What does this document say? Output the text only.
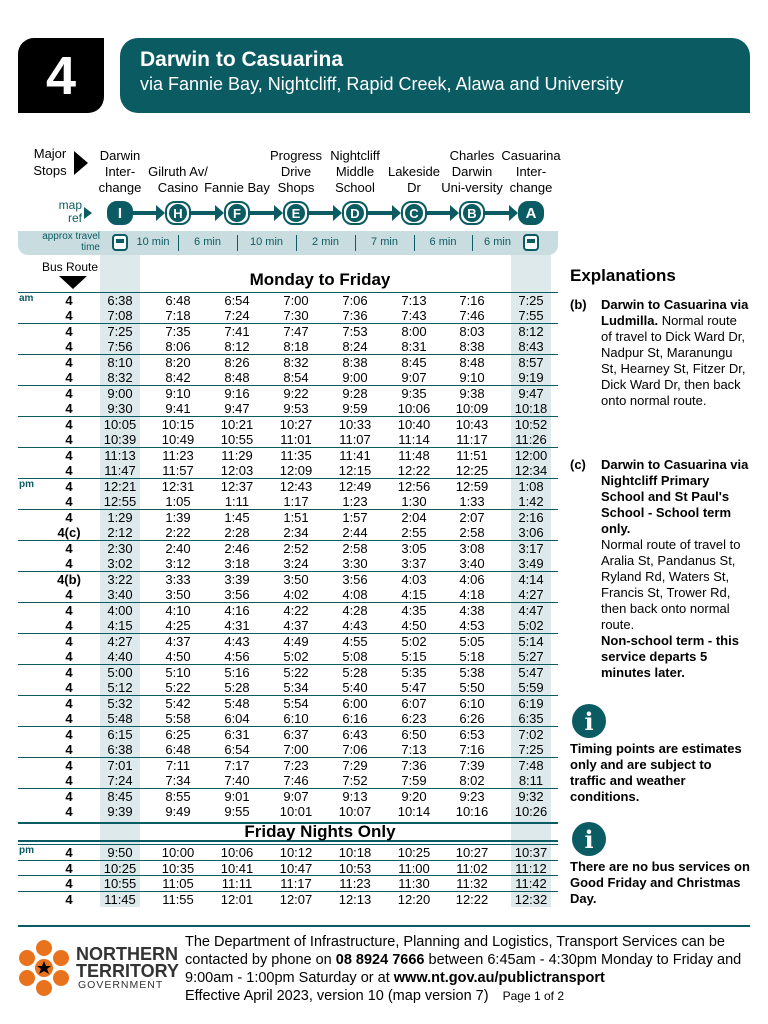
4	Darwin to Casuarina
via Fannie Bay, Nightcliff, Rapid Creek, Alawa and University
Major Stops
Darwin Inter-change
Gilruth Av/ Casino Fannie Bay
Progress Drive Shops
Nightcliff Middle School
Lakeside Dr
Charles Darwin Uni-versity
Casuarina Inter-change
map ref	I	H	F	E	D	C	B	A
approx travel time	10 min	6 min	10 min	2 min	7 min	6 min	6 min
Bus Route
Monday to Friday
4	6:38	6:48	6:54	7:00	7:06	7:13	7:16	7:25
4	7:08	7:18	7:24	7:30	7:36	7:43	7:46	7:55
4	7:25	7:35	7:41	7:47	7:53	8:00	8:03	8:12
4	7:56	8:06	8:12	8:18	8:24	8:31	8:38	8:43
4	8:10	8:20	8:26	8:32	8:38	8:45	8:48	8:57
4	8:32	8:42	8:48	8:54	9:00	9:07	9:10	9:19
4	9:00	9:10	9:16	9:22	9:28	9:35	9:38	9:47
4	9:30	9:41	9:47	9:53	9:59	10:06	10:09	10:18
4	10:05	10:15	10:21	10:27	10:33	10:40	10:43	10:52
4	10:39	10:49	10:55	11:01	11:07	11:14	11:17	11:26
4	11:13	11:23	11:29	11:35	11:41	11:48	11:51	12:00
4	11:47	11:57	12:03	12:09	12:15	12:22	12:25	12:34
4	12:21	12:31	12:37	12:43	12:49	12:56	12:59	1:08
4	12:55	1:05	1:11	1:17	1:23	1:30	1:33	1:42
4	1:29	1:39	1:45	1:51	1:57	2:04	2:07	2:16
4(c)	2:12	2:22	2:28	2:34	2:44	2:55	2:58	3:06
4	2:30	2:40	2:46	2:52	2:58	3:05	3:08	3:17
4	3:02	3:12	3:18	3:24	3:30	3:37	3:40	3:49
4(b)	3:22	3:33	3:39	3:50	3:56	4:03	4:06	4:14
4	3:40	3:50	3:56	4:02	4:08	4:15	4:18	4:27
4	4:00	4:10	4:16	4:22	4:28	4:35	4:38	4:47
4	4:15	4:25	4:31	4:37	4:43	4:50	4:53	5:02
4	4:27	4:37	4:43	4:49	4:55	5:02	5:05	5:14
4	4:40	4:50	4:56	5:02	5:08	5:15	5:18	5:27
4	5:00	5:10	5:16	5:22	5:28	5:35	5:38	5:47
4	5:12	5:22	5:28	5:34	5:40	5:47	5:50	5:59
4	5:32	5:42	5:48	5:54	6:00	6:07	6:10	6:19
4	5:48	5:58	6:04	6:10	6:16	6:23	6:26	6:35
4	6:15	6:25	6:31	6:37	6:43	6:50	6:53	7:02
4	6:38	6:48	6:54	7:00	7:06	7:13	7:16	7:25
4	7:01	7:11	7:17	7:23	7:29	7:36	7:39	7:48
4	7:24	7:34	7:40	7:46	7:52	7:59	8:02	8:11
4	8:45	8:55	9:01	9:07	9:13	9:20	9:23	9:32
4	9:39	9:49	9:55	10:01	10:07	10:14	10:16	10:26
am
pm
Friday Nights Only
pm	4	9:50	10:00	10:06	10:12	10:18	10:25	10:27	10:37
4	10:25	10:35	10:41	10:47	10:53	11:00	11:02	11:12
4	10:55	11:05	11:11	11:17	11:23	11:30	11:32	11:42
4	11:45	11:55	12:01	12:07	12:13	12:20	12:22	12:32
Explanations
(b) Darwin to Casuarina via Ludmilla. Normal route of travel to Dick Ward Dr, Nadpur St, Maranungu St, Hearney St, Fitzer Dr, Dick Ward Dr, then back onto normal route.
(c) Darwin to Casuarina via Nightcliff Primary School and St Paul's School - School term only.
Normal route of travel to Aralia St, Pandanus St, Ryland Rd, Waters St, Francis St, Trower Rd, then back onto normal route.
Non-school term - this service departs 5 minutes later.
i
Timing points are estimates only and are subject to traffic and weather conditions.
i
There are no bus services on Good Friday and Christmas Day.
NORTHERN TERRITORY
GOVERNMENT
The Department of Infrastructure, Planning and Logistics, Transport Services can be contacted by phone on 08 8924 7666 between 6:45am - 4:30pm Monday to Friday and 9:00am - 1:00pm Saturday or at www.nt.gov.au/publictransport
Effective April 2023, version 10 (map version 7) Page 1 of 2
